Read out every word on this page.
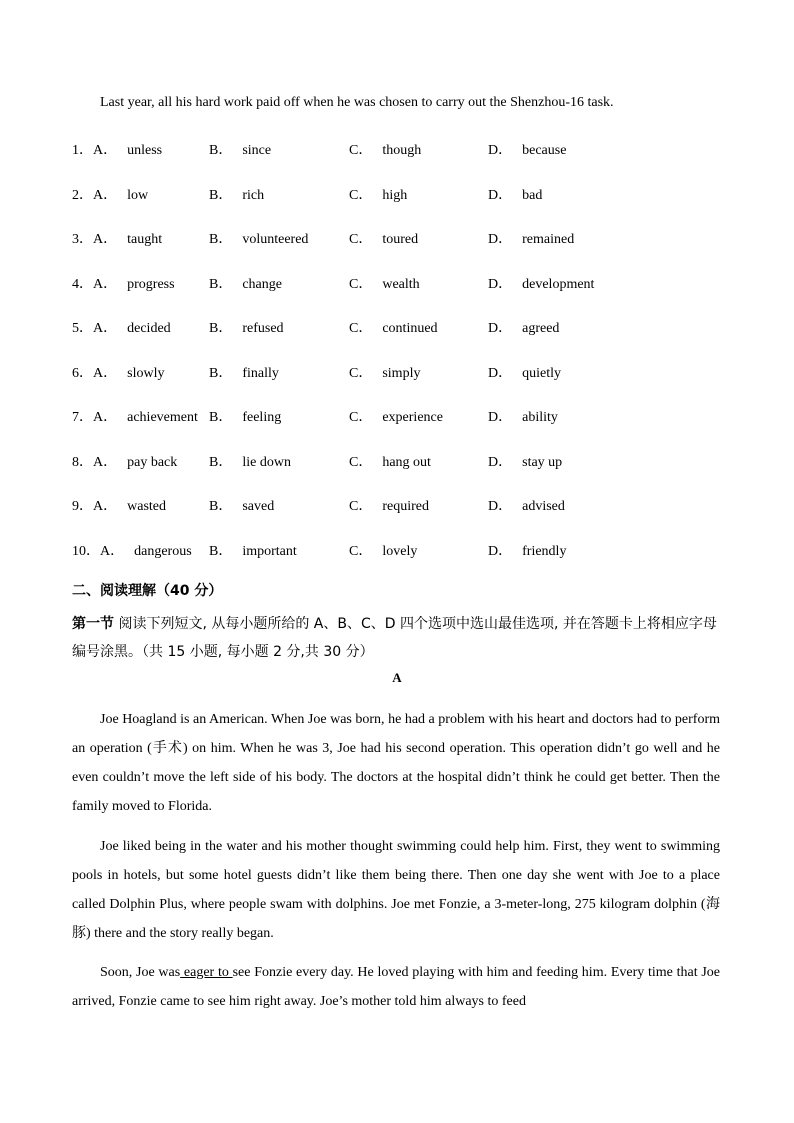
Last year, all his hard work paid off when he was chosen to carry out the Shenzhou-16 task.
1．A． unless	B． since	C． though	D． because
2．A． low	B． rich	C． high	D． bad
3．A． taught	B． volunteered	C． toured	D． remained
4．A． progress B． change	C． wealth	D． development
5．A． decided	B． refused	C． continued	D． agreed
6．A． slowly	B． finally	C． simply	D． quietly
7．A． achievement B． feeling	C． experience	D． ability
8．A． pay back B． lie down	C． hang out	D． stay up
9．A． wasted	B． saved	C． required	D． advised
10．A． dangerous B． important	C． lovely	D． friendly
二、阅读理解（40 分）
第一节 阅读下列短文, 从每小题所给的 A、B、C、D 四个选项中选山最佳选项, 并在答题卡上将相应字母编号涂黑。（共 15 小题, 每小题 2 分,共 30 分）
A
Joe Hoagland is an American. When Joe was born, he had a problem with his heart and doctors had to perform an operation (手术) on him. When he was 3, Joe had his second operation. This operation didn’t go well and he even couldn’t move the left side of his body. The doctors at the hospital didn’t think he could get better. Then the family moved to Florida.
Joe liked being in the water and his mother thought swimming could help him. First, they went to swimming pools in hotels, but some hotel guests didn’t like them being there. Then one day she went with Joe to a place called Dolphin Plus, where people swam with dolphins. Joe met Fonzie, a 3-meter-long, 275 kilogram dolphin (海豚) there and the story really began.
Soon, Joe was eager to see Fonzie every day. He loved playing with him and feeding him. Every time that Joe arrived, Fonzie came to see him right away. Joe’s mother told him always to feed
